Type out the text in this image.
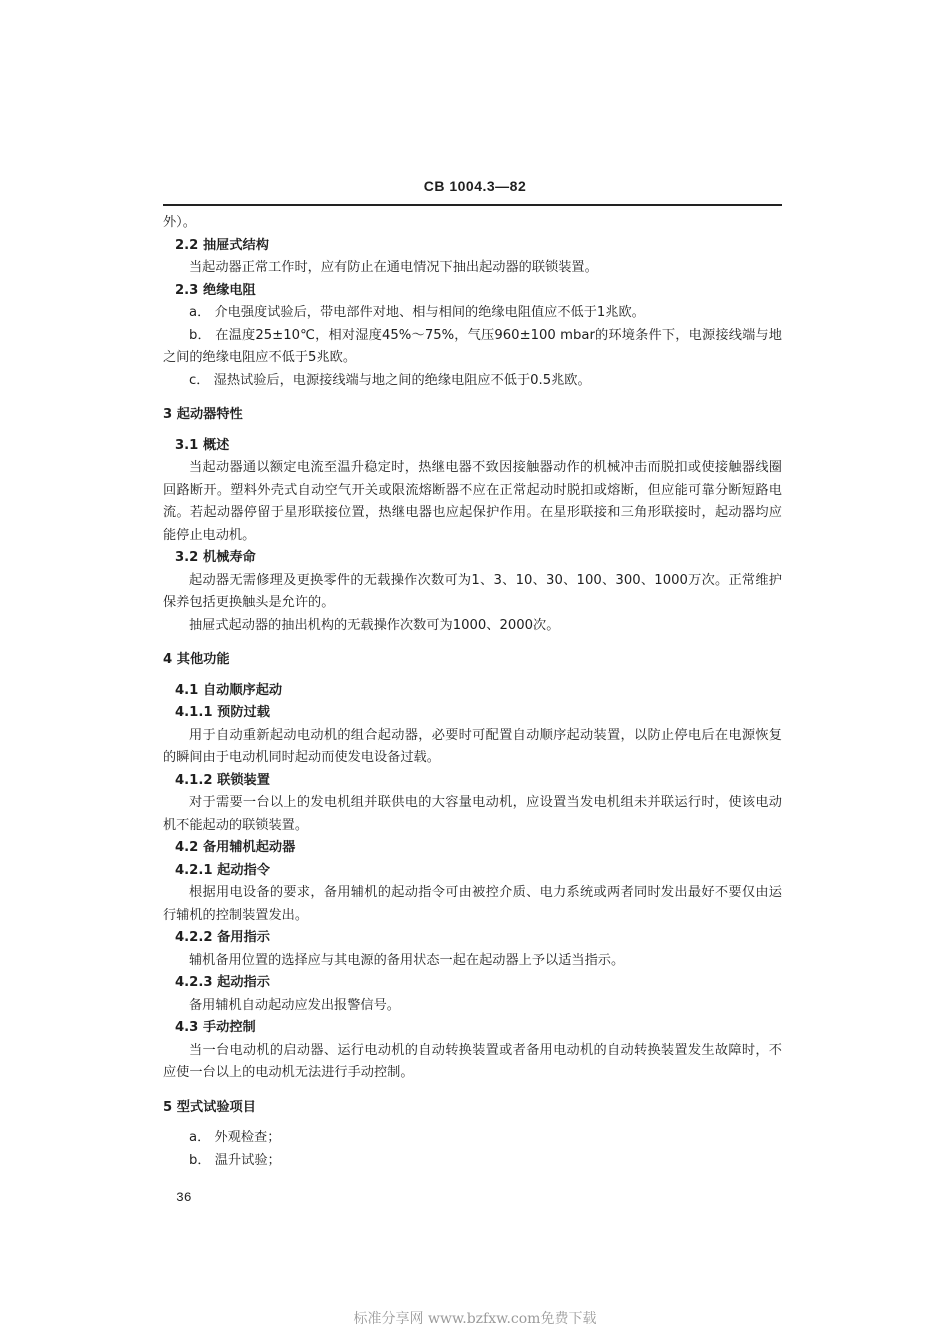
CB 1004.3—82

外）。

2.2 抽屉式结构

当起动器正常工作时，应有防止在通电情况下抽出起动器的联锁装置。

2.3 绝缘电阻

a． 介电强度试验后，带电部件对地、相与相间的绝缘电阻值应不低于1兆欧。

b． 在温度25±10℃，相对湿度45%～75%，气压960±100 mbar的环境条件下，电源接线端与地之间的绝缘电阻应不低于5兆欧。

c． 湿热试验后，电源接线端与地之间的绝缘电阻应不低于0.5兆欧。

3 起动器特性

3.1 概述

当起动器通以额定电流至温升稳定时，热继电器不致因接触器动作的机械冲击而脱扣或使接触器线圈回路断开。塑料外壳式自动空气开关或限流熔断器不应在正常起动时脱扣或熔断，但应能可靠分断短路电流。若起动器停留于星形联接位置，热继电器也应起保护作用。在星形联接和三角形联接时，起动器均应能停止电动机。

3.2 机械寿命

起动器无需修理及更换零件的无载操作次数可为1、3、10、30、100、300、1000万次。正常维护保养包括更换触头是允许的。

抽屉式起动器的抽出机构的无载操作次数可为1000、2000次。

4 其他功能

4.1 自动顺序起动

4.1.1 预防过载

用于自动重新起动电动机的组合起动器，必要时可配置自动顺序起动装置，以防止停电后在电源恢复的瞬间由于电动机同时起动而使发电设备过载。

4.1.2 联锁装置

对于需要一台以上的发电机组并联供电的大容量电动机，应设置当发电机组未并联运行时，使该电动机不能起动的联锁装置。

4.2 备用辅机起动器

4.2.1 起动指令

根据用电设备的要求，备用辅机的起动指令可由被控介质、电力系统或两者同时发出最好不要仅由运行辅机的控制装置发出。

4.2.2 备用指示

辅机备用位置的选择应与其电源的备用状态一起在起动器上予以适当指示。

4.2.3 起动指示

备用辅机自动起动应发出报警信号。

4.3 手动控制

当一台电动机的启动器、运行电动机的自动转换装置或者备用电动机的自动转换装置发生故障时，不应使一台以上的电动机无法进行手动控制。

5 型式试验项目

a． 外观检查；

b． 温升试验；

36
标准分享网 www.bzfxw.com免费下载
